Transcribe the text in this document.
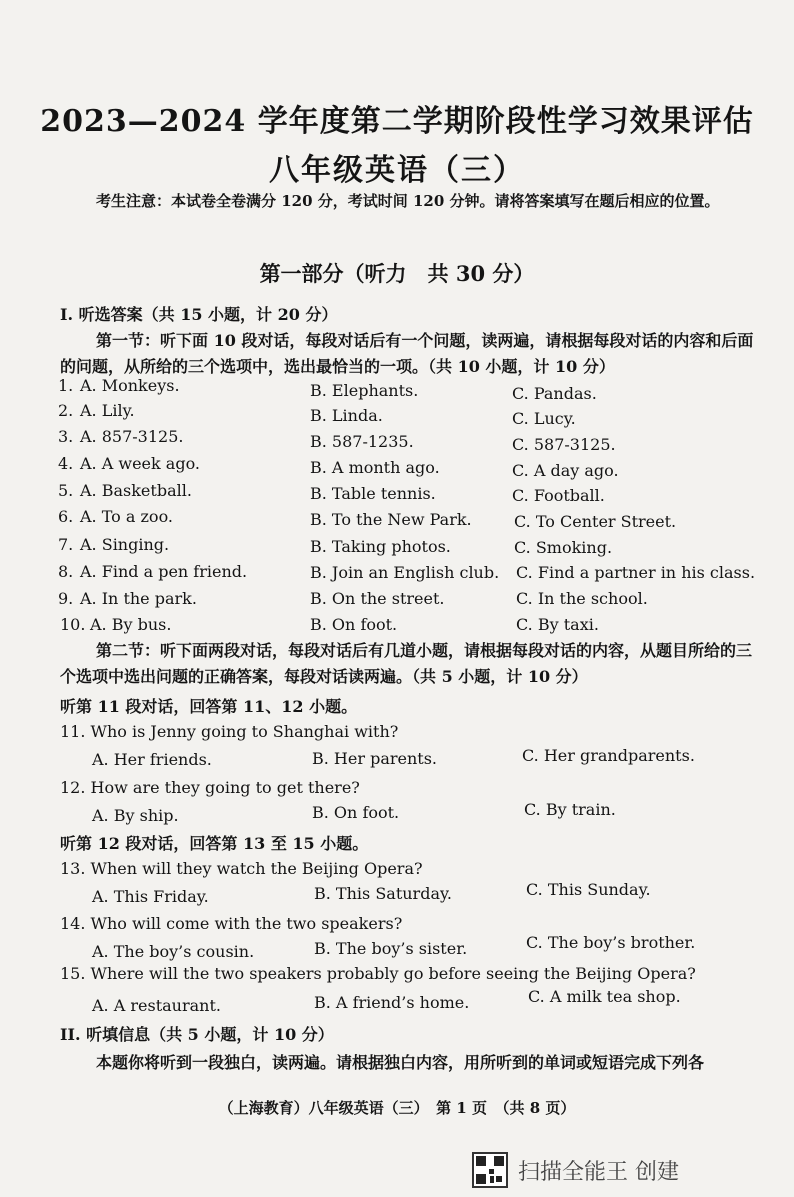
2023—2024 学年度第二学期阶段性学习效果评估
八年级英语（三）
考生注意：本试卷全卷满分 120 分，考试时间 120 分钟。请将答案填写在题后相应的位置。
第一部分（听力　共 30 分）
I. 听选答案（共 15 小题，计 20 分）
第一节：听下面 10 段对话，每段对话后有一个问题，读两遍，请根据每段对话的内容和后面的问题，从所给的三个选项中，选出最恰当的一项。（共 10 小题，计 10 分）
1. A. Monkeys.	B. Elephants.	C. Pandas.
2. A. Lily.	B. Linda.	C. Lucy.
3. A. 857-3125.	B. 587-1235.	C. 587-3125.
4. A. A week ago.	B. A month ago.	C. A day ago.
5. A. Basketball.	B. Table tennis.	C. Football.
6. A. To a zoo.	B. To the New Park.	C. To Center Street.
7. A. Singing.	B. Taking photos.	C. Smoking.
8. A. Find a pen friend.	B. Join an English club. C. Find a partner in his class.
9. A. In the park.	B. On the street.	C. In the school.
10. A. By bus.	B. On foot.	C. By taxi.
第二节：听下面两段对话，每段对话后有几道小题，请根据每段对话的内容，从题目所给的三个选项中选出问题的正确答案，每段对话读两遍。（共 5 小题，计 10 分）
听第 11 段对话，回答第 11、12 小题。
11. Who is Jenny going to Shanghai with?
A. Her friends.	B. Her parents.	C. Her grandparents.
12. How are they going to get there?
A. By ship.	B. On foot.	C. By train.
听第 12 段对话，回答第 13 至 15 小题。
13. When will they watch the Beijing Opera?
A. This Friday.	B. This Saturday.	C. This Sunday.
14. Who will come with the two speakers?
A. The boy’s cousin.	B. The boy’s sister.	C. The boy’s brother.
15. Where will the two speakers probably go before seeing the Beijing Opera?
A. A restaurant.	B. A friend’s home.	C. A milk tea shop.
II. 听填信息（共 5 小题，计 10 分）
本题你将听到一段独白，读两遍。请根据独白内容，用所听到的单词或短语完成下列各
（上海教育）八年级英语（三）　第 1 页　（共 8 页）
扫描全能王 创建
